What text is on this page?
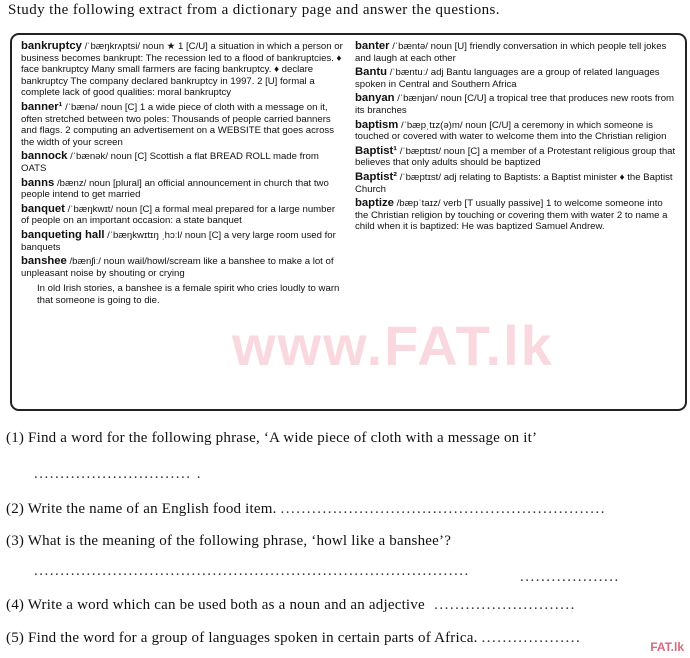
Study the following extract from a dictionary page and answer the questions.
bankruptcy /ˈbæŋkrʌptsi/ noun ★ 1 [C/U] a situation in which a person or business becomes bankrupt: The recession led to a flood of bankruptcies. ♦ face bankruptcy Many small farmers are facing bankruptcy. ♦ declare bankruptcy The company declared bankruptcy in 1997. 2 [U] formal a complete lack of good qualities: moral bankruptcy
banner¹ /ˈbænə/ noun [C] 1 a wide piece of cloth with a message on it, often stretched between two poles: Thousands of people carried banners and flags. 2 computing an advertisement on a WEBSITE that goes across the width of your screen
bannock /ˈbænək/ noun [C] Scottish a flat BREAD ROLL made from OATS
banns /bænz/ noun [plural] an official announcement in church that two people intend to get married
banquet /ˈbæŋkwɪt/ noun [C] a formal meal prepared for a large number of people on an important occasion: a state banquet
banqueting hall /ˈbæŋkwɪtɪŋ ˌhɔːl/ noun [C] a very large room used for banquets
banshee /bænʃiː/ noun wail/howl/scream like a banshee to make a lot of unpleasant noise by shouting or crying
In old Irish stories, a banshee is a female spirit who cries loudly to warn that someone is going to die.
banter /ˈbæntə/ noun [U] friendly conversation in which people tell jokes and laugh at each other
Bantu /ˈbæntuː/ adj Bantu languages are a group of related languages spoken in Central and Southern Africa
banyan /ˈbænjən/ noun [C/U] a tropical tree that produces new roots from its branches
baptism /ˈbæpˌtɪz(ə)m/ noun [C/U] a ceremony in which someone is touched or covered with water to welcome them into the Christian religion
Baptist¹ /ˈbæptɪst/ noun [C] a member of a Protestant religious group that believes that only adults should be baptized
Baptist² /ˈbæptɪst/ adj relating to Baptists: a Baptist minister ♦ the Baptist Church
baptize /bæpˈtaɪz/ verb [T usually passive] 1 to welcome someone into the Christian religion by touching or covering them with water 2 to name a child when it is baptized: He was baptized Samuel Andrew.
www.FAT.lk
(1) Find a word for the following phrase, ‘A wide piece of cloth with a message on it’
.............................. .
(2) Write the name of an English food item. ..............................................................
(3) What is the meaning of the following phrase, ‘howl like a banshee’?
...................................................................................	...................
(4) Write a word which can be used both as a noun and an adjective  ...........................
(5) Find the word for a group of languages spoken in certain parts of Africa. ...................
FAT.lk
